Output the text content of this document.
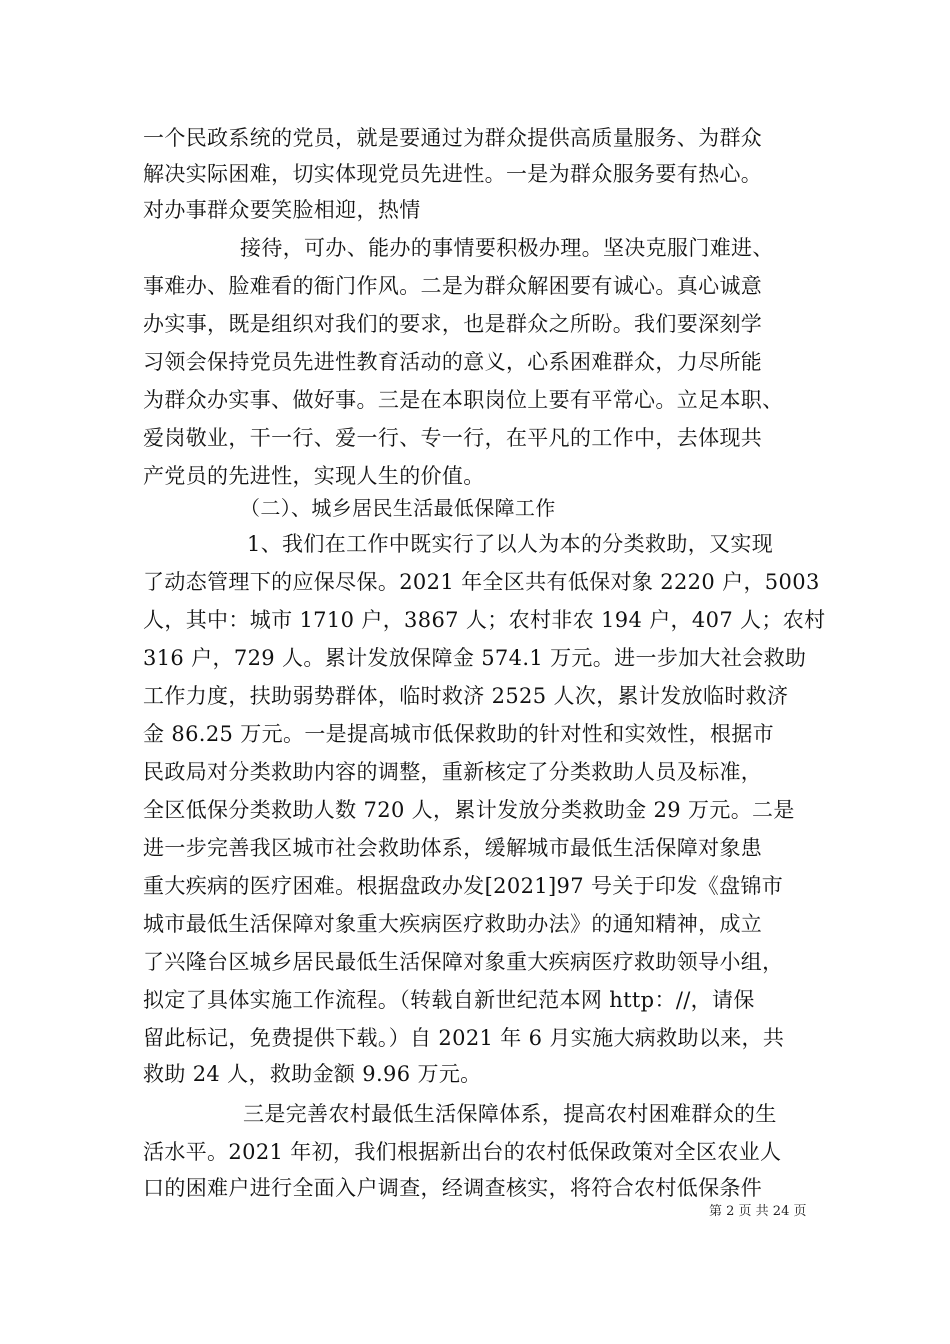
一个民政系统的党员，就是要通过为群众提供高质量服务、为群众
解决实际困难，切实体现党员先进性。一是为群众服务要有热心。
对办事群众要笑脸相迎，热情
接待，可办、能办的事情要积极办理。坚决克服门难进、
事难办、脸难看的衙门作风。二是为群众解困要有诚心。真心诚意
办实事，既是组织对我们的要求，也是群众之所盼。我们要深刻学
习领会保持党员先进性教育活动的意义，心系困难群众，力尽所能
为群众办实事、做好事。三是在本职岗位上要有平常心。立足本职、
爱岗敬业，干一行、爱一行、专一行，在平凡的工作中，去体现共
产党员的先进性，实现人生的价值。
（二）、城乡居民生活最低保障工作
1、我们在工作中既实行了以人为本的分类救助，又实现
了动态管理下的应保尽保。2021 年全区共有低保对象 2220 户，5003
人，其中：城市 1710 户，3867 人；农村非农 194 户，407 人；农村
316 户，729 人。累计发放保障金 574.1 万元。进一步加大社会救助
工作力度，扶助弱势群体，临时救济 2525 人次，累计发放临时救济
金 86.25 万元。一是提高城市低保救助的针对性和实效性，根据市
民政局对分类救助内容的调整，重新核定了分类救助人员及标准，
全区低保分类救助人数 720 人，累计发放分类救助金 29 万元。二是
进一步完善我区城市社会救助体系，缓解城市最低生活保障对象患
重大疾病的医疗困难。根据盘政办发[2021]97 号关于印发《盘锦市
城市最低生活保障对象重大疾病医疗救助办法》的通知精神，成立
了兴隆台区城乡居民最低生活保障对象重大疾病医疗救助领导小组，
拟定了具体实施工作流程。（转载自新世纪范本网 http：//，请保
留此标记，免费提供下载。）自 2021 年 6 月实施大病救助以来，共
救助 24 人，救助金额 9.96 万元。
三是完善农村最低生活保障体系，提高农村困难群众的生
活水平。2021 年初，我们根据新出台的农村低保政策对全区农业人
口的困难户进行全面入户调查，经调查核实，将符合农村低保条件
第 2 页 共 24 页
